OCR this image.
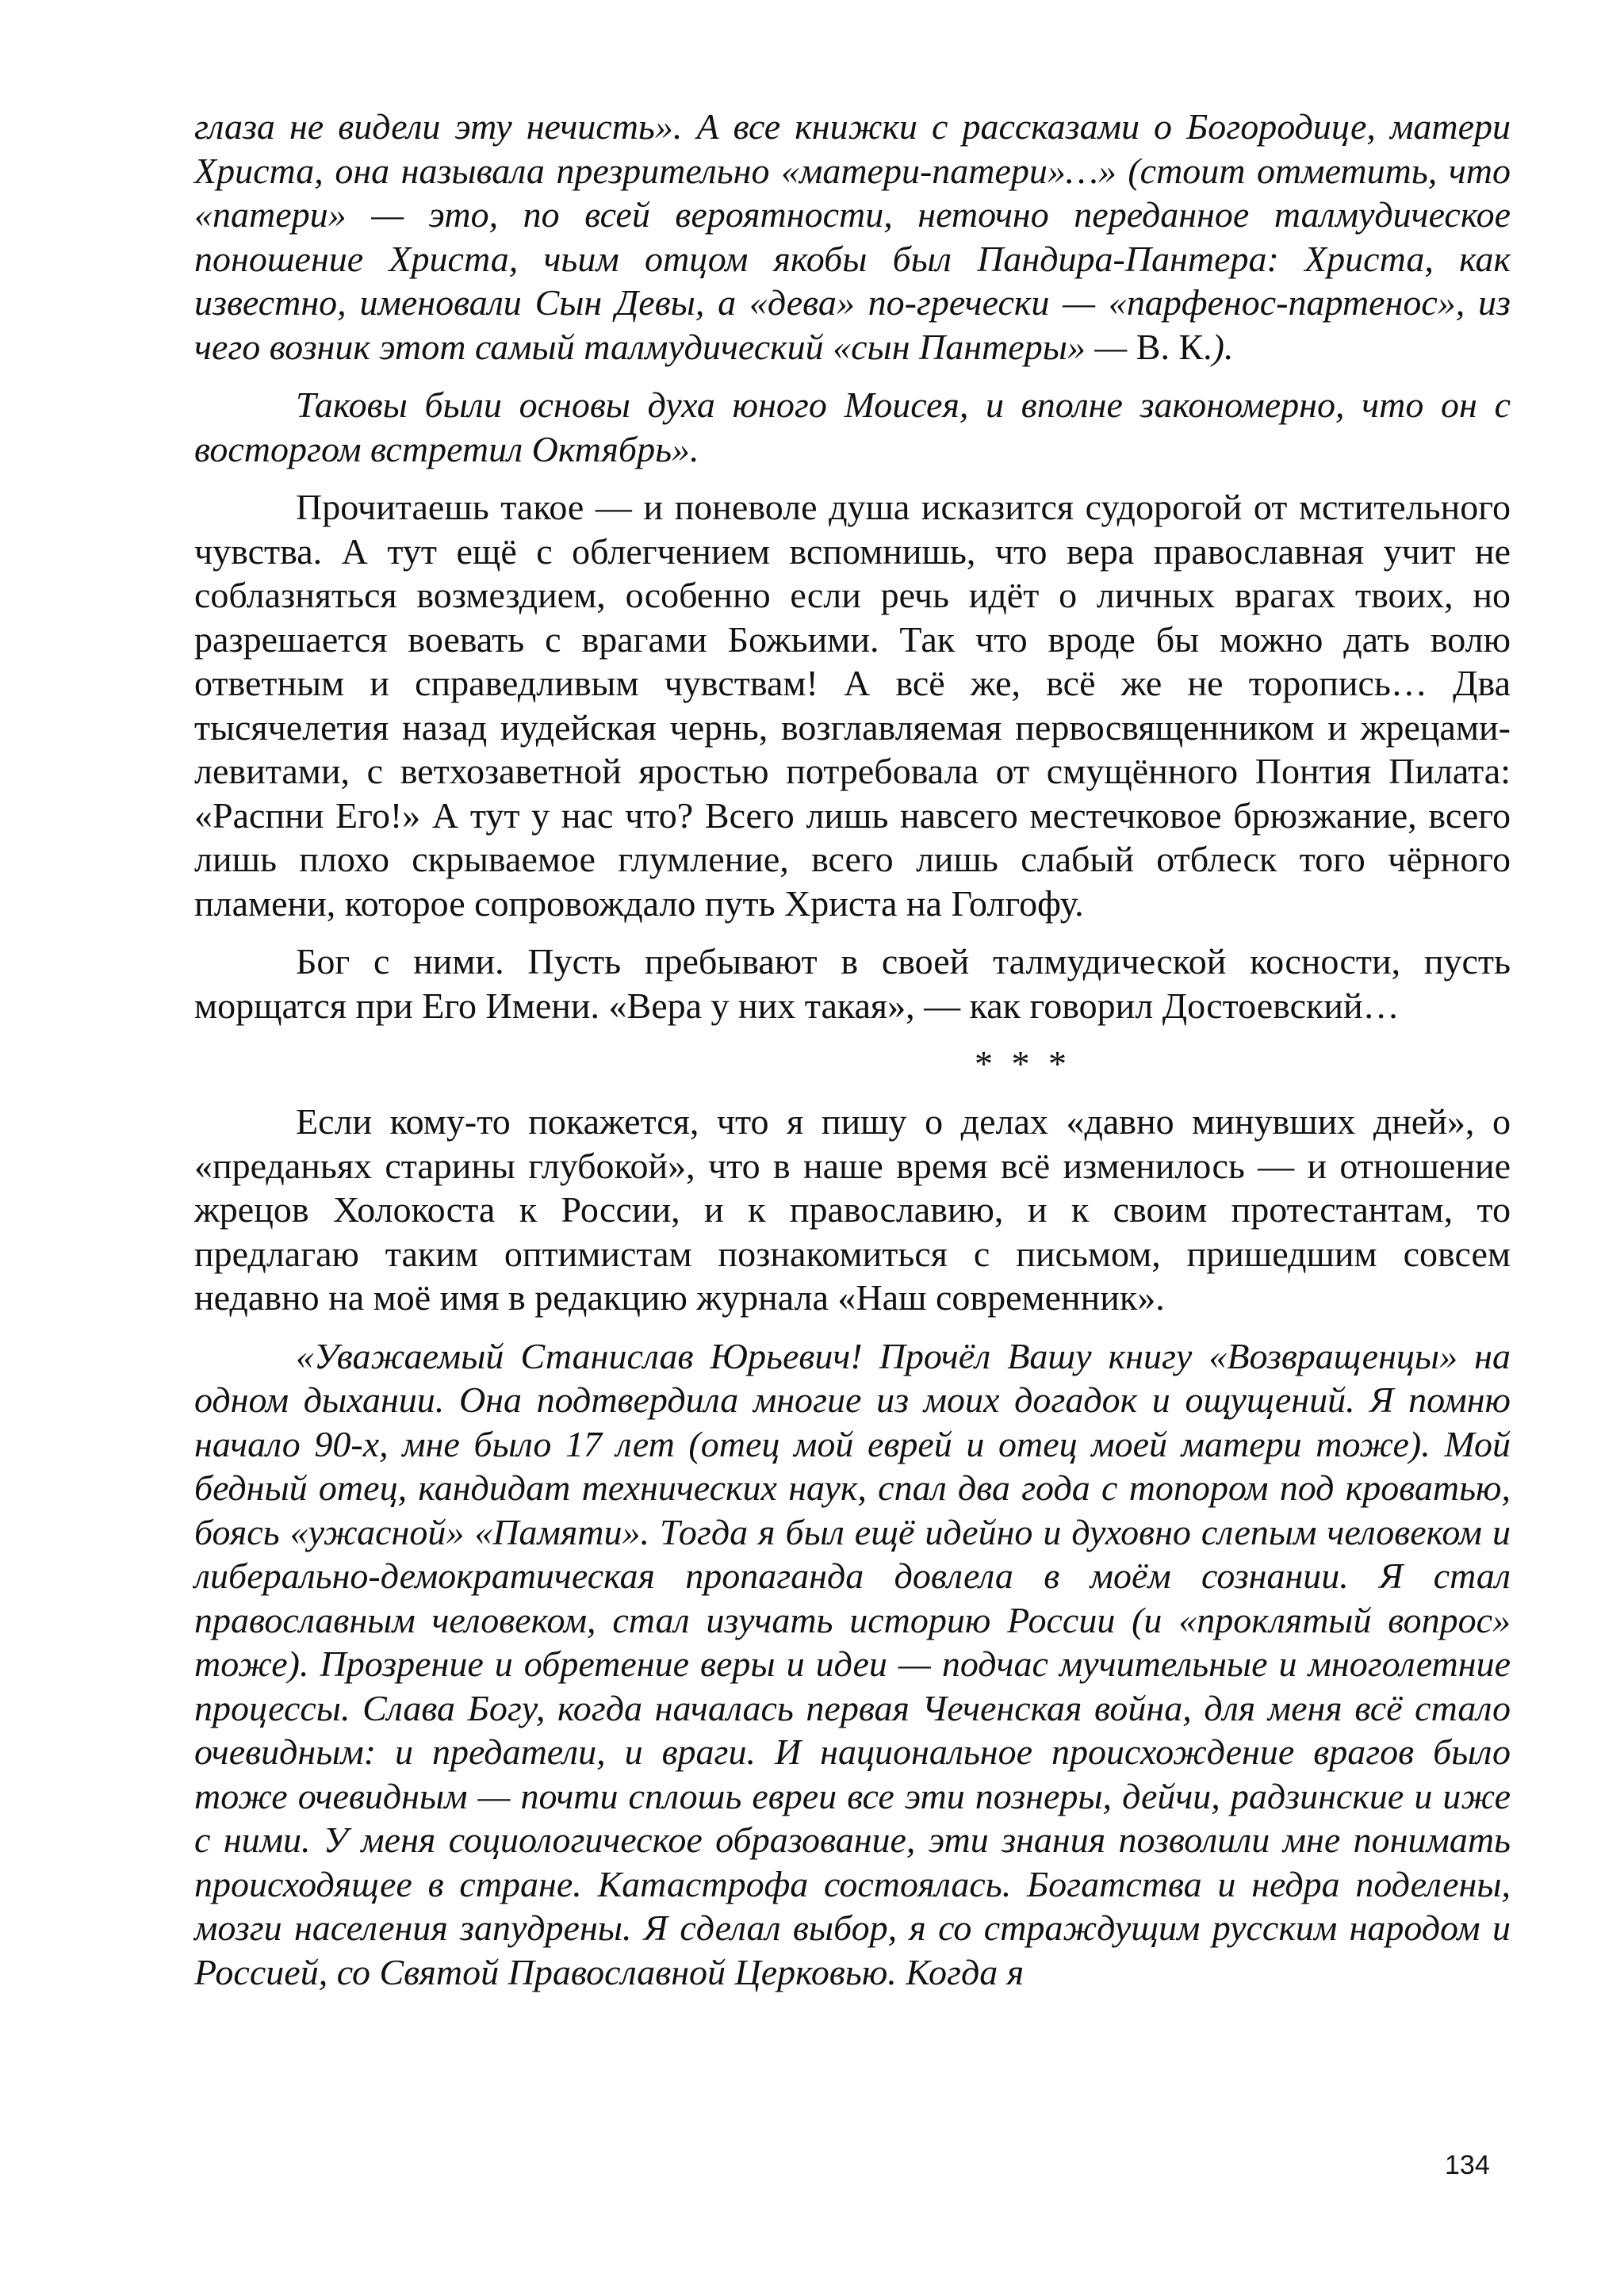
глаза не видели эту нечисть». А все книжки с рассказами о Богородице, матери Христа, она называла презрительно «матери-патери»…» (стоит отметить, что «патери» — это, по всей вероятности, неточно переданное талмудическое поношение Христа, чьим отцом якобы был Пандира-Пантера: Христа, как известно, именовали Сын Девы, а «дева» по-гречески — «парфенос-партенос», из чего возник этот самый талмудический «сын Пантеры» — В. К.).

Таковы были основы духа юного Моисея, и вполне закономерно, что он с восторгом встретил Октябрь».

Прочитаешь такое — и поневоле душа исказится судорогой от мстительного чувства. А тут ещё с облегчением вспомнишь, что вера православная учит не соблазняться возмездием, особенно если речь идёт о личных врагах твоих, но разрешается воевать с врагами Божьими. Так что вроде бы можно дать волю ответным и справедливым чувствам! А всё же, всё же не торопись… Два тысячелетия назад иудейская чернь, возглавляемая первосвященником и жрецами-левитами, с ветхозаветной яростью потребовала от смущённого Понтия Пилата: «Распни Его!» А тут у нас что? Всего лишь навсего местечковое брюзжание, всего лишь плохо скрываемое глумление, всего лишь слабый отблеск того чёрного пламени, которое сопровождало путь Христа на Голгофу.

Бог с ними. Пусть пребывают в своей талмудической косности, пусть морщатся при Его Имени. «Вера у них такая», — как говорил Достоевский…

* * *

Если кому-то покажется, что я пишу о делах «давно минувших дней», о «преданьях старины глубокой», что в наше время всё изменилось — и отношение жрецов Холокоста к России, и к православию, и к своим протестантам, то предлагаю таким оптимистам познакомиться с письмом, пришедшим совсем недавно на моё имя в редакцию журнала «Наш современник».

«Уважаемый Станислав Юрьевич! Прочёл Вашу книгу «Возвращенцы» на одном дыхании. Она подтвердила многие из моих догадок и ощущений. Я помню начало 90-х, мне было 17 лет (отец мой еврей и отец моей матери тоже). Мой бедный отец, кандидат технических наук, спал два года с топором под кроватью, боясь «ужасной» «Памяти». Тогда я был ещё идейно и духовно слепым человеком и либерально-демократическая пропаганда довлела в моём сознании. Я стал православным человеком, стал изучать историю России (и «проклятый вопрос» тоже). Прозрение и обретение веры и идеи — подчас мучительные и многолетние процессы. Слава Богу, когда началась первая Чеченская война, для меня всё стало очевидным: и предатели, и враги. И национальное происхождение врагов было тоже очевидным — почти сплошь евреи все эти познеры, дейчи, радзинские и иже с ними. У меня социологическое образование, эти знания позволили мне понимать происходящее в стране. Катастрофа состоялась. Богатства и недра поделены, мозги населения запудрены. Я сделал выбор, я со страждущим русским народом и Россией, со Святой Православной Церковью. Когда я

134
